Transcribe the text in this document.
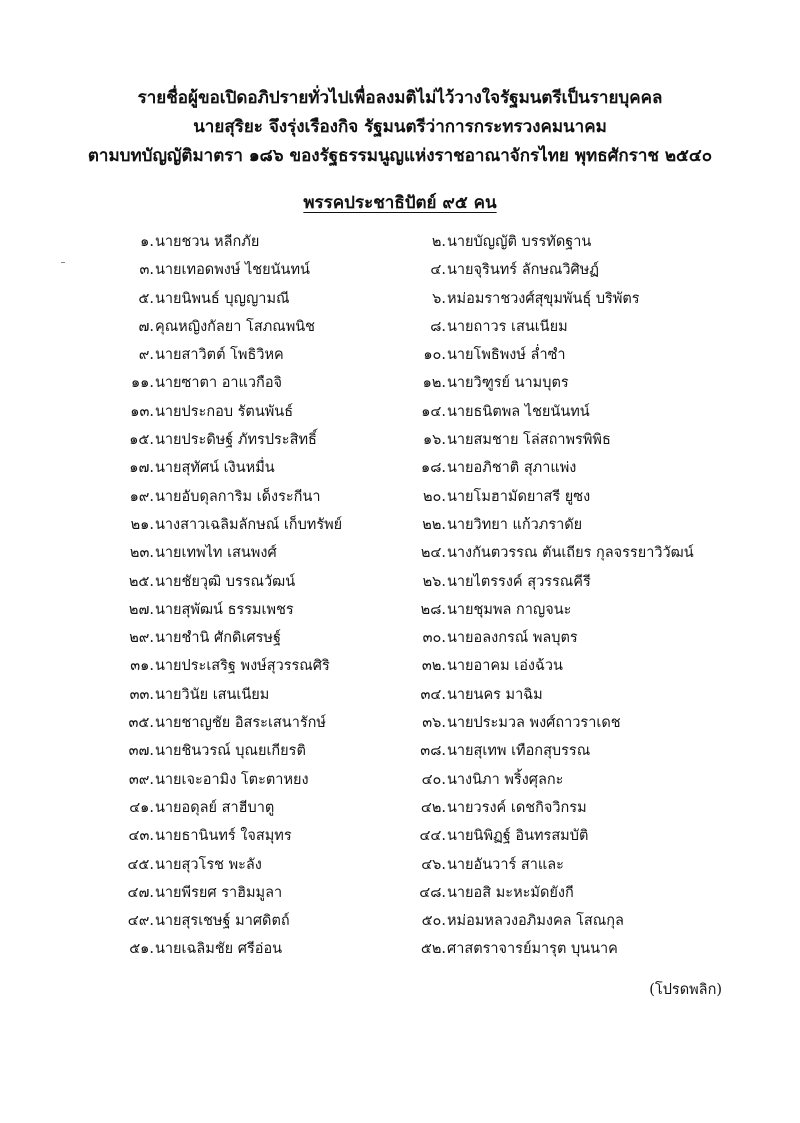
รายชื่อผู้ขอเปิดอภิปรายทั่วไปเพื่อลงมติไม่ไว้วางใจรัฐมนตรีเป็นรายบุคคล
นายสุริยะ จึงรุ่งเรืองกิจ รัฐมนตรีว่าการกระทรวงคมนาคม
ตามบทบัญญัติมาตรา ๑๘๖ ของรัฐธรรมนูญแห่งราชอาณาจักรไทย พุทธศักราช ๒๕๔๐
พรรคประชาธิปัตย์ ๙๕ คน
๑.นายชวน หลีกภัย	๒.นายบัญญัติ บรรทัดฐาน
๓.นายเทอดพงษ์ ไชยนันทน์	๔.นายจุรินทร์ ลักษณวิศิษฏ์
๕.นายนิพนธ์ บุญญามณี	๖.หม่อมราชวงศ์สุขุมพันธุ์ บริพัตร
๗.คุณหญิงกัลยา โสภณพนิช	๘.นายถาวร เสนเนียม
๙.นายสาวิตต์ โพธิวิหค	๑๐.นายโพธิพงษ์ ล่ำซำ
๑๑.นายซาตา อาแวกือจิ	๑๒.นายวิฑูรย์ นามบุตร
๑๓.นายประกอบ รัตนพันธ์	๑๔.นายธนิตพล ไชยนันทน์
๑๕.นายประดิษฐ์ ภัทรประสิทธิ์	๑๖.นายสมชาย โล่สถาพรพิพิธ
๑๗.นายสุทัศน์ เงินหมื่น	๑๘.นายอภิชาติ สุภาแพ่ง
๑๙.นายอับดุลการิม เด็งระกีนา	๒๐.นายโมฮามัดยาสรี ยูซง
๒๑.นางสาวเฉลิมลักษณ์ เก็บทรัพย์	๒๒.นายวิทยา แก้วภราดัย
๒๓.นายเทพไท เสนพงศ์	๒๔.นางกันตวรรณ ตันเถียร กุลจรรยาวิวัฒน์
๒๕.นายชัยวุฒิ บรรณวัฒน์	๒๖.นายไตรรงค์ สุวรรณคีรี
๒๗.นายสุพัฒน์ ธรรมเพชร	๒๘.นายชุมพล กาญจนะ
๒๙.นายชำนิ ศักดิเศรษฐ์	๓๐.นายอลงกรณ์ พลบุตร
๓๑.นายประเสริฐ พงษ์สุวรรณศิริ	๓๒.นายอาคม เอ่งฉ้วน
๓๓.นายวินัย เสนเนียม	๓๔.นายนคร มาฉิม
๓๕.นายชาญชัย อิสระเสนารักษ์	๓๖.นายประมวล พงศ์ถาวราเดช
๓๗.นายชินวรณ์ บุณยเกียรติ	๓๘.นายสุเทพ เทือกสุบรรณ
๓๙.นายเจะอามิง โตะตาหยง	๔๐.นางนิภา พริ้งศุลกะ
๔๑.นายอดุลย์ สาฮีบาตู	๔๒.นายวรงค์ เดชกิจวิกรม
๔๓.นายธานินทร์ ใจสมุทร	๔๔.นายนิพิฏฐ์ อินทรสมบัติ
๔๕.นายสุวโรช พะลัง	๔๖.นายอันวาร์ สาและ
๔๗.นายพีรยศ ราฮิมมูลา	๔๘.นายอสิ มะหะมัดยังกี
๔๙.นายสุรเชษฐ์ มาศดิตถ์	๕๐.หม่อมหลวงอภิมงคล โสณกุล
๕๑.นายเฉลิมชัย ศรีอ่อน	๕๒.ศาสตราจารย์มารุต บุนนาค
(โปรดพลิก)
